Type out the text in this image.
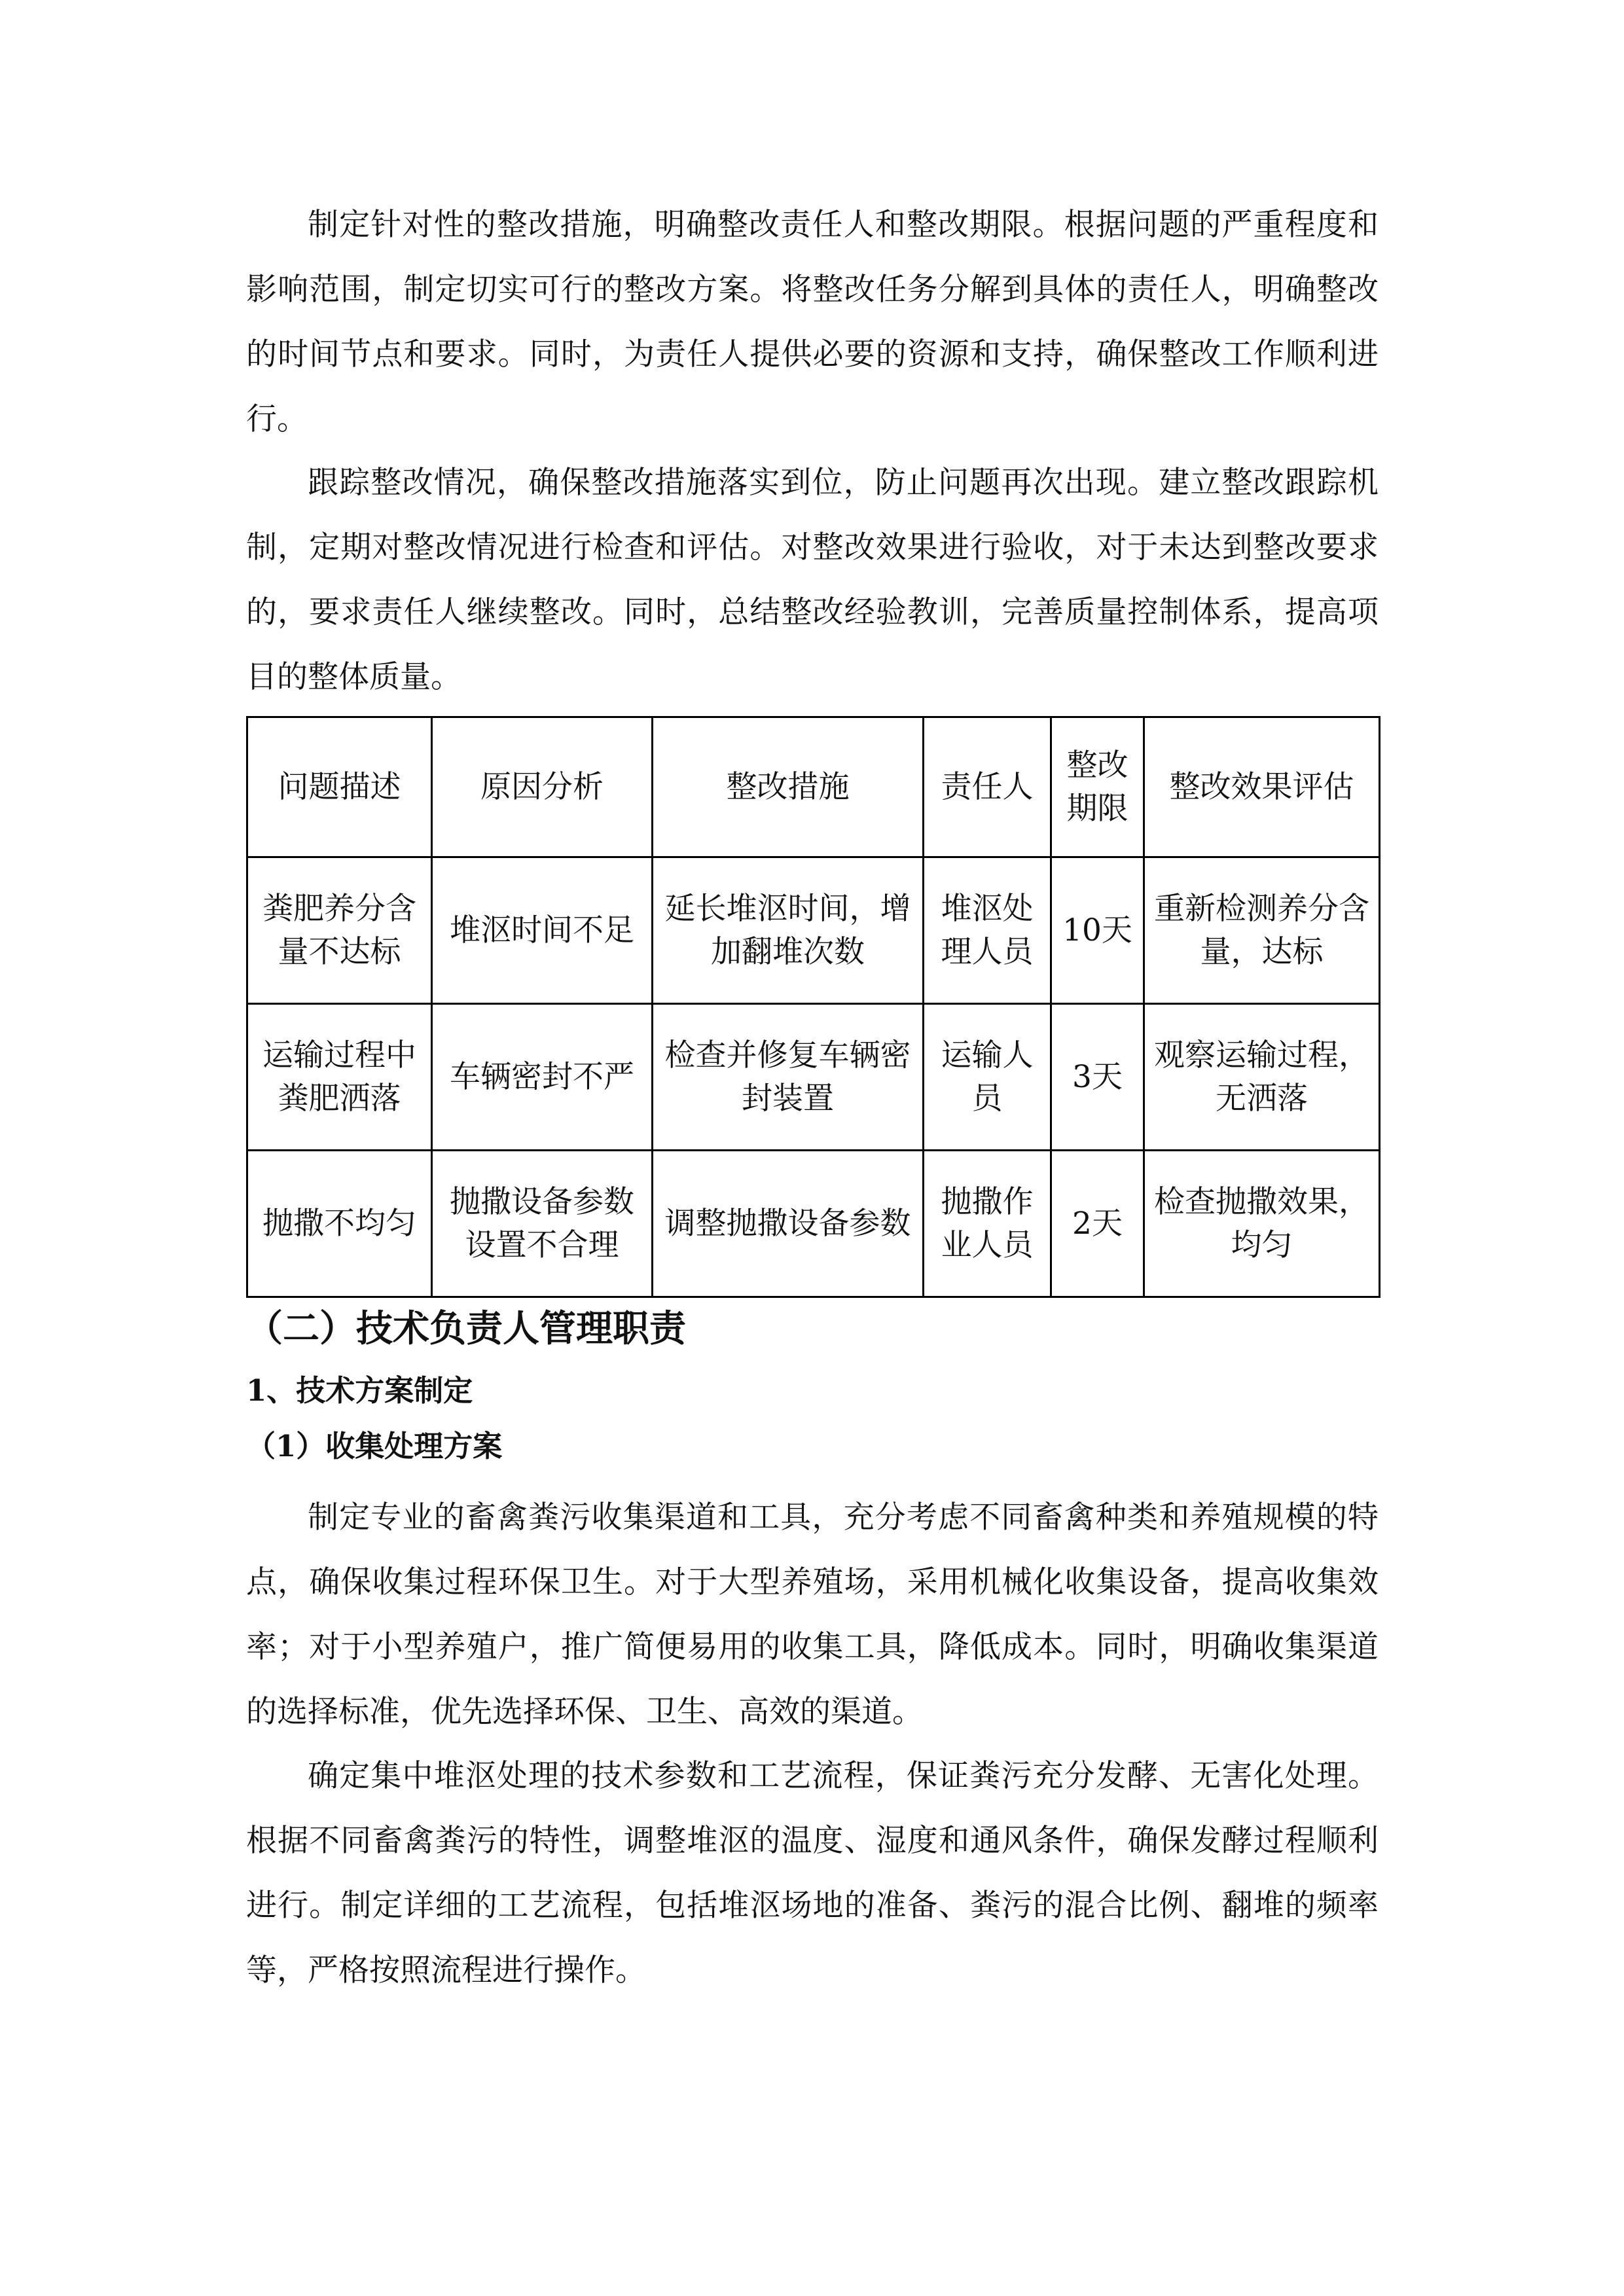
制定针对性的整改措施，明确整改责任人和整改期限。根据问题的严重程度和影响范围，制定切实可行的整改方案。将整改任务分解到具体的责任人，明确整改的时间节点和要求。同时，为责任人提供必要的资源和支持，确保整改工作顺利进行。

跟踪整改情况，确保整改措施落实到位，防止问题再次出现。建立整改跟踪机制，定期对整改情况进行检查和评估。对整改效果进行验收，对于未达到整改要求的，要求责任人继续整改。同时，总结整改经验教训，完善质量控制体系，提高项目的整体质量。

问题描述	原因分析	整改措施	责任人	整改期限	整改效果评估
粪肥养分含量不达标	堆沤时间不足	延长堆沤时间，增加翻堆次数	堆沤处理人员	10天	重新检测养分含量，达标
运输过程中粪肥洒落	车辆密封不严	检查并修复车辆密封装置	运输人员	3天	观察运输过程，无洒落
抛撒不均匀	抛撒设备参数设置不合理	调整抛撒设备参数	抛撒作业人员	2天	检查抛撒效果，均匀
（二）技术负责人管理职责
1、技术方案制定
（1）收集处理方案

制定专业的畜禽粪污收集渠道和工具，充分考虑不同畜禽种类和养殖规模的特点，确保收集过程环保卫生。对于大型养殖场，采用机械化收集设备，提高收集效率；对于小型养殖户，推广简便易用的收集工具，降低成本。同时，明确收集渠道的选择标准，优先选择环保、卫生、高效的渠道。

确定集中堆沤处理的技术参数和工艺流程，保证粪污充分发酵、无害化处理。根据不同畜禽粪污的特性，调整堆沤的温度、湿度和通风条件，确保发酵过程顺利进行。制定详细的工艺流程，包括堆沤场地的准备、粪污的混合比例、翻堆的频率等，严格按照流程进行操作。
